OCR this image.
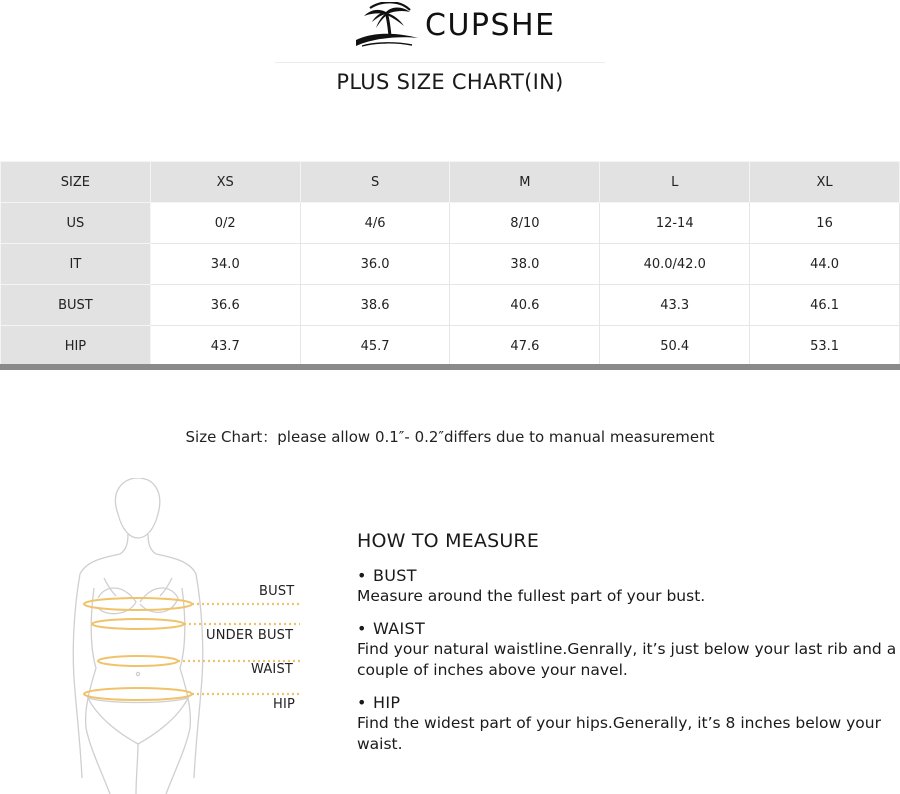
CUPSHE
PLUS SIZE CHART(IN)
SIZE	XS	S	M	L	XL
US	0/2	4/6	8/10	12-14	16
IT	34.0	36.0	38.0	40.0/42.0	44.0
BUST	36.6	38.6	40.6	43.3	46.1
HIP	43.7	45.7	47.6	50.4	53.1
Size Chart：please allow 0.1″- 0.2″differs due to manual measurement
BUST
UNDER BUST
WAIST
HIP
HOW TO MEASURE
• BUST
Measure around the fullest part of your bust.
• WAIST
Find your natural waistline.Genrally, it’s just below your last rib and a couple of inches above your navel.
• HIP
Find the widest part of your hips.Generally, it’s 8 inches below your waist.
